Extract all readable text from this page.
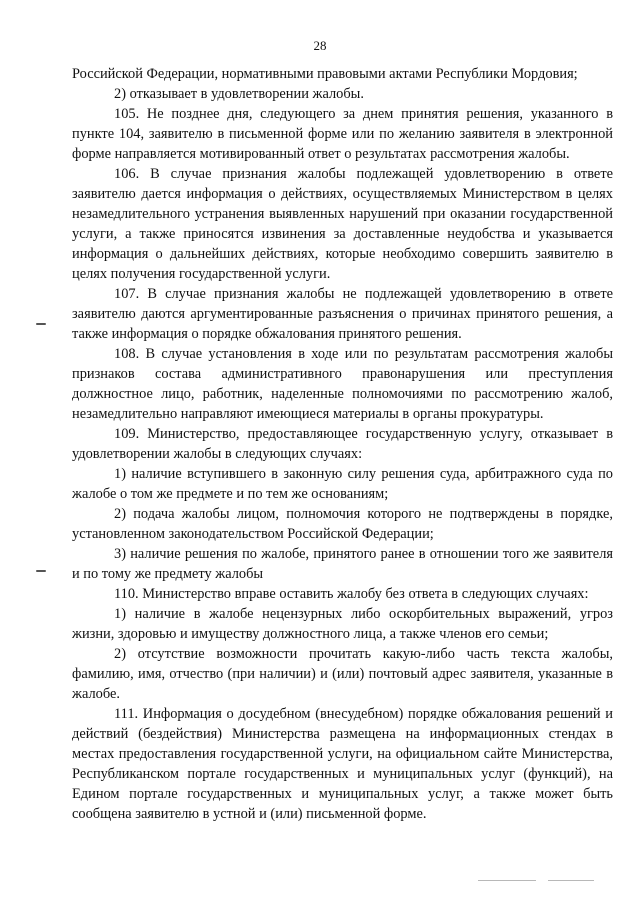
28

Российской Федерации, нормативными правовыми актами Республики Мордовия;

2) отказывает в удовлетворении жалобы.

105. Не позднее дня, следующего за днем принятия решения, указанного в пункте 104, заявителю в письменной форме или по желанию заявителя в электронной форме направляется мотивированный ответ о результатах рассмотрения жалобы.

106. В случае признания жалобы подлежащей удовлетворению в ответе заявителю дается информация о действиях, осуществляемых Министерством в целях незамедлительного устранения выявленных нарушений при оказании государственной услуги, а также приносятся извинения за доставленные неудобства и указывается информация о дальнейших действиях, которые необходимо совершить заявителю в целях получения государственной услуги.

107. В случае признания жалобы не подлежащей удовлетворению в ответе заявителю даются аргументированные разъяснения о причинах принятого решения, а также информация о порядке обжалования принятого решения.

108. В случае установления в ходе или по результатам рассмотрения жалобы признаков состава административного правонарушения или преступления должностное лицо, работник, наделенные полномочиями по рассмотрению жалоб, незамедлительно направляют имеющиеся материалы в органы прокуратуры.

109. Министерство, предоставляющее государственную услугу, отказывает в удовлетворении жалобы в следующих случаях:

1) наличие вступившего в законную силу решения суда, арбитражного суда по жалобе о том же предмете и по тем же основаниям;

2) подача жалобы лицом, полномочия которого не подтверждены в порядке, установленном законодательством Российской Федерации;

3) наличие решения по жалобе, принятого ранее в отношении того же заявителя и по тому же предмету жалобы

110. Министерство вправе оставить жалобу без ответа в следующих случаях:

1) наличие в жалобе нецензурных либо оскорбительных выражений, угроз жизни, здоровью и имуществу должностного лица, а также членов его семьи;

2) отсутствие возможности прочитать какую-либо часть текста жалобы, фамилию, имя, отчество (при наличии) и (или) почтовый адрес заявителя, указанные в жалобе.

111. Информация о досудебном (внесудебном) порядке обжалования решений и действий (бездействия) Министерства размещена на информационных стендах в местах предоставления государственной услуги, на официальном сайте Министерства, Республиканском портале государственных и муниципальных услуг (функций), на Едином портале государственных и муниципальных услуг, а также может быть сообщена заявителю в устной и (или) письменной форме.
